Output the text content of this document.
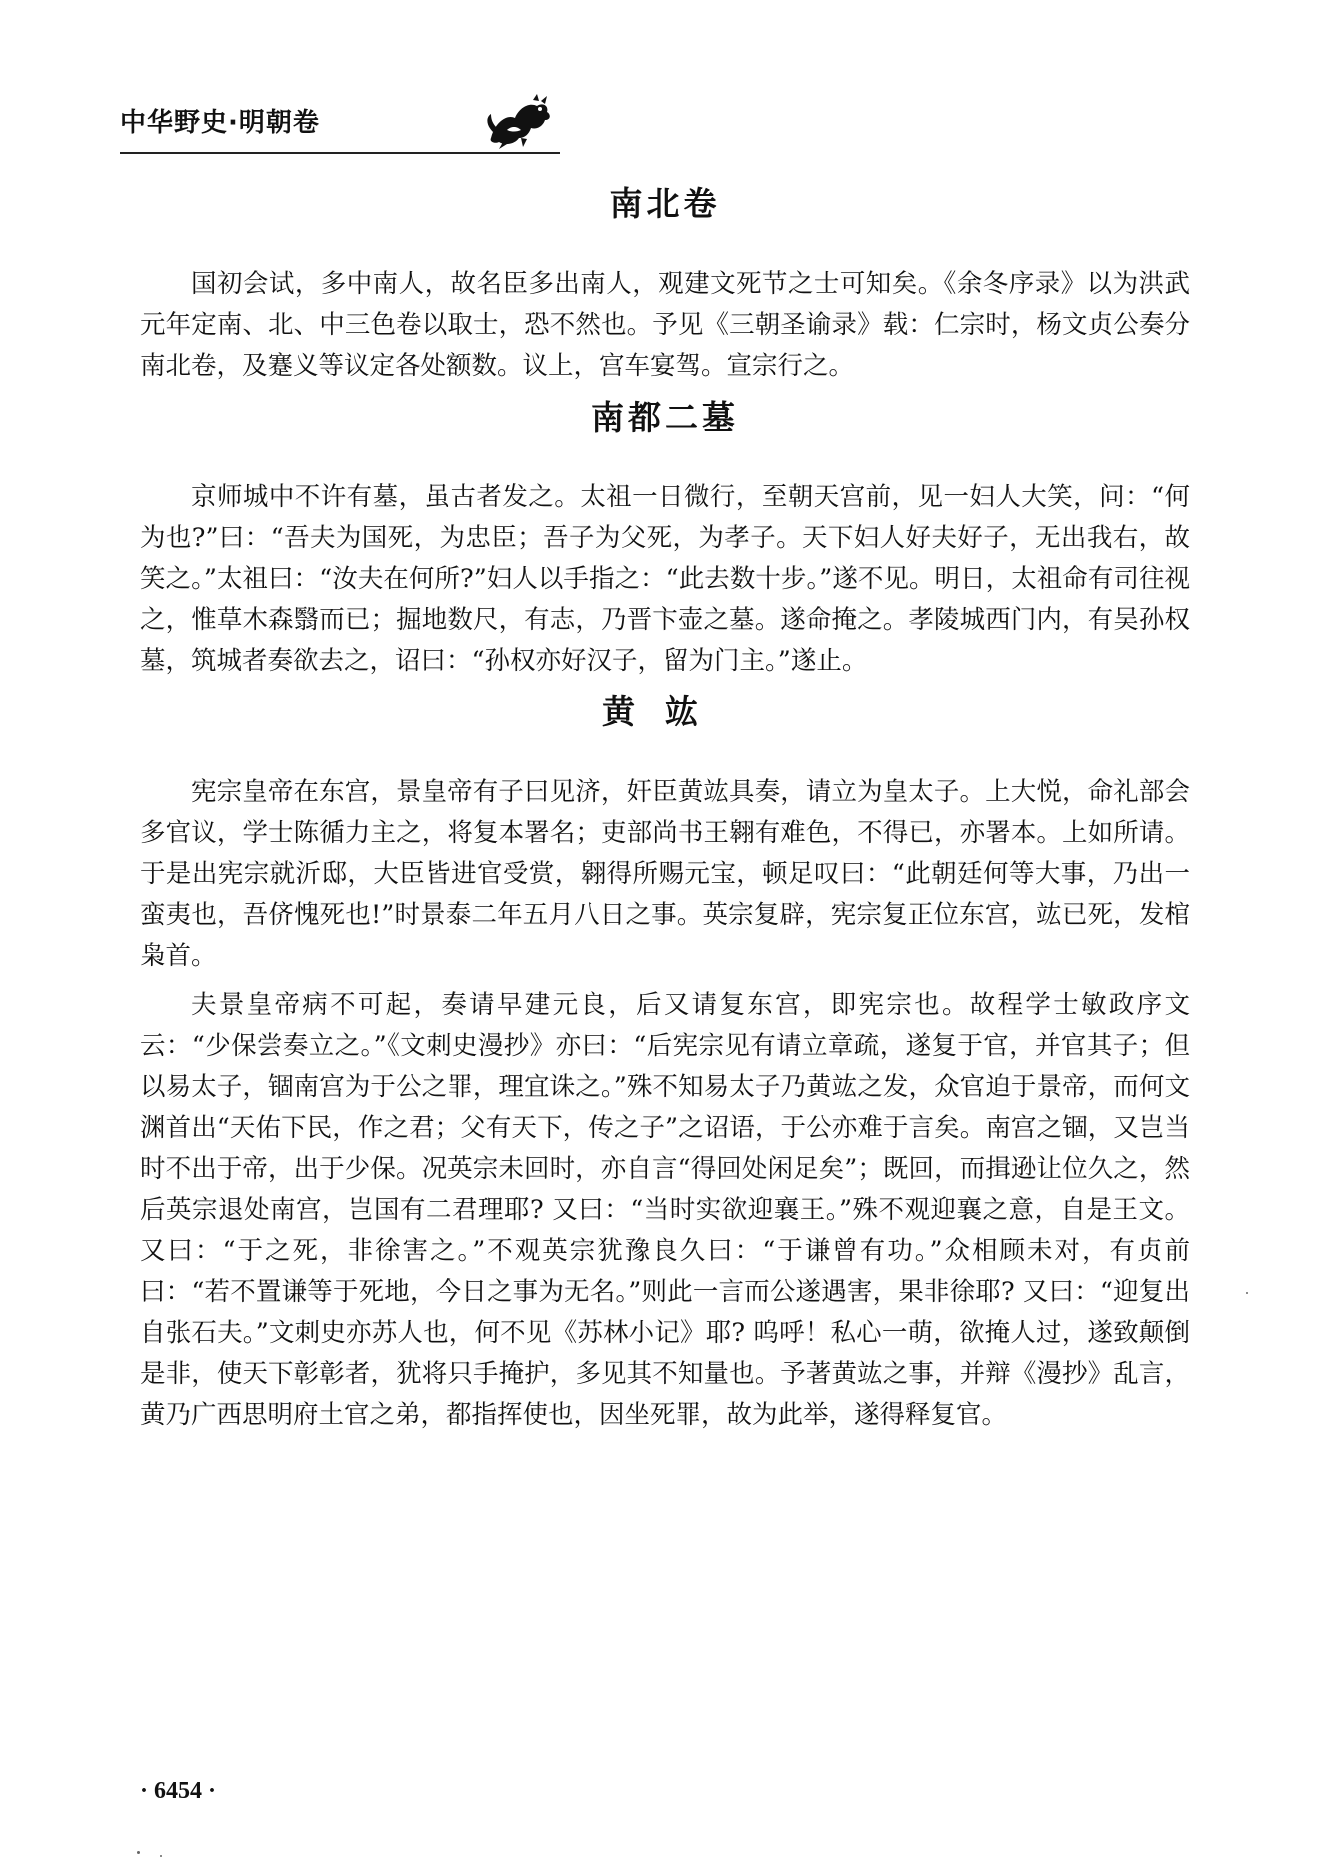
中华野史·明朝卷
南北卷

国初会试，多中南人，故名臣多出南人，观建文死节之士可知矣。《余冬序录》以为洪武元年定南、北、中三色卷以取士，恐不然也。予见《三朝圣谕录》载：仁宗时，杨文贞公奏分南北卷，及蹇义等议定各处额数。议上，宫车宴驾。宣宗行之。

南都二墓

京师城中不许有墓，虽古者发之。太祖一日微行，至朝天宫前，见一妇人大笑，问：“何为也?”曰：“吾夫为国死，为忠臣；吾子为父死，为孝子。天下妇人好夫好子，无出我右，故笑之。”太祖曰：“汝夫在何所?”妇人以手指之：“此去数十步。”遂不见。明日，太祖命有司往视之，惟草木森翳而已；掘地数尺，有志，乃晋卞壶之墓。遂命掩之。孝陵城西门内，有吴孙权墓，筑城者奏欲去之，诏曰：“孙权亦好汉子，留为门主。”遂止。

黄竑

宪宗皇帝在东宫，景皇帝有子曰见济，奸臣黄竑具奏，请立为皇太子。上大悦，命礼部会多官议，学士陈循力主之，将复本署名；吏部尚书王翱有难色，不得已，亦署本。上如所请。于是出宪宗就沂邸，大臣皆进官受赏，翱得所赐元宝，顿足叹曰：“此朝廷何等大事，乃出一蛮夷也，吾侪愧死也!”时景泰二年五月八日之事。英宗复辟，宪宗复正位东宫，竑已死，发棺枭首。

夫景皇帝病不可起，奏请早建元良，后又请复东宫，即宪宗也。故程学士敏政序文云：“少保尝奏立之。”《文刺史漫抄》亦曰：“后宪宗见有请立章疏，遂复于官，并官其子；但以易太子，锢南宫为于公之罪，理宜诛之。”殊不知易太子乃黄竑之发，众官迫于景帝，而何文渊首出“天佑下民，作之君；父有天下，传之子”之诏语，于公亦难于言矣。南宫之锢，又岂当时不出于帝，出于少保。况英宗未回时，亦自言“得回处闲足矣”；既回，而揖逊让位久之，然后英宗退处南宫，岂国有二君理耶? 又曰：“当时实欲迎襄王。”殊不观迎襄之意，自是王文。又曰：“于之死，非徐害之。”不观英宗犹豫良久曰：“于谦曾有功。”众相顾未对，有贞前曰：“若不置谦等于死地，今日之事为无名。”则此一言而公遂遇害，果非徐耶? 又曰：“迎复出自张石夫。”文刺史亦苏人也，何不见《苏林小记》耶? 呜呼！私心一萌，欲掩人过，遂致颠倒是非，使天下彰彰者，犹将只手掩护，多见其不知量也。予著黄竑之事，并辩《漫抄》乱言，黄乃广西思明府土官之弟，都指挥使也，因坐死罪，故为此举，遂得释复官。

· 6454 ·
